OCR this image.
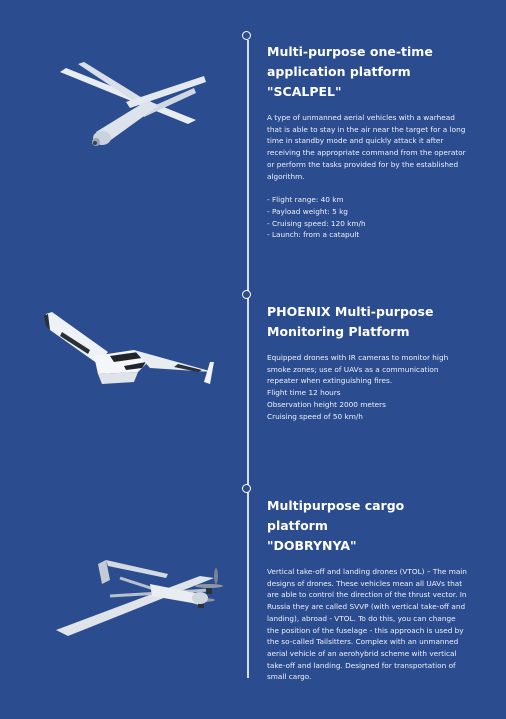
Multi-purpose one-time
application platform
"SCALPEL"

A type of unmanned aerial vehicles with a warhead that is able to stay in the air near the target for a long time in standby mode and quickly attack it after receiving the appropriate command from the operator or perform the tasks provided for by the established algorithm.

- Flight range: 40 km
- Payload weight: 5 kg
- Cruising speed: 120 km/h
- Launch: from a catapult
PHOENIX Multi-purpose
Monitoring Platform

Equipped drones with IR cameras to monitor high smoke zones; use of UAVs as a communication repeater when extinguishing fires.

Flight time 12 hours
Observation height 2000 meters
Cruising speed of 50 km/h
Multipurpose cargo platform
"DOBRYNYA"

Vertical take-off and landing drones (VTOL) – The main designs of drones. These vehicles mean all UAVs that are able to control the direction of the thrust vector. In Russia they are called SVVP (with vertical take-off and landing), abroad - VTOL. To do this, you can change the position of the fuselage - this approach is used by the so-called Tailsitters. Complex with an unmanned aerial vehicle of an aerohybrid scheme with vertical take-off and landing. Designed for transportation of small cargo.
